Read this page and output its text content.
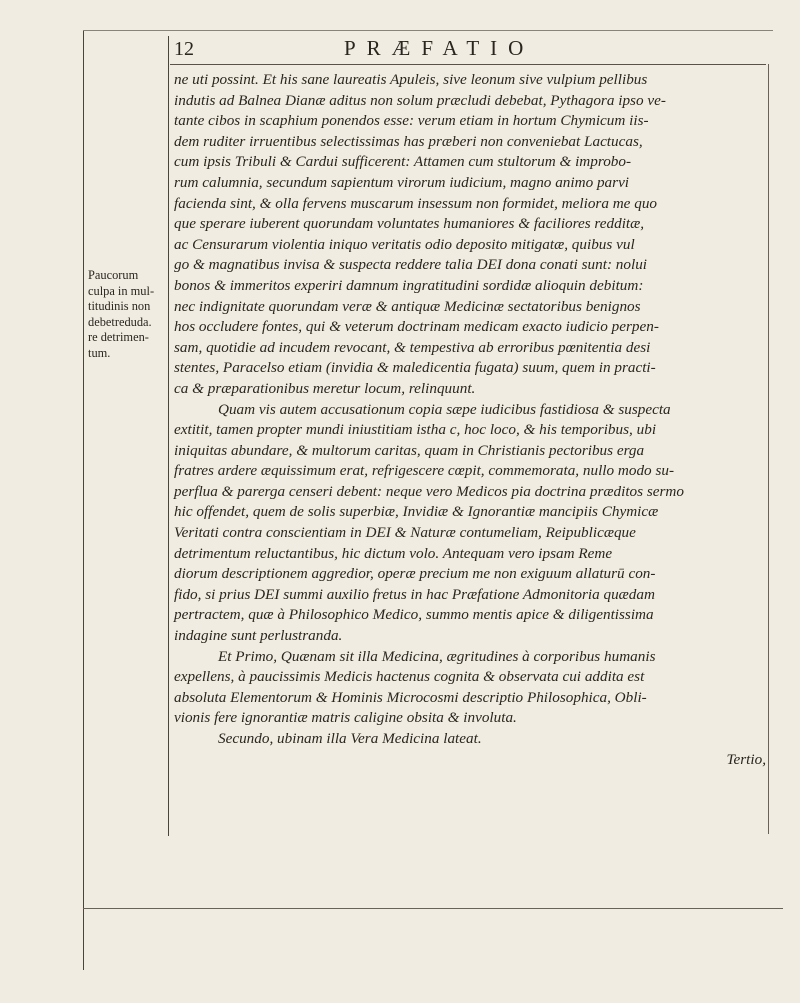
12	PRÆFATIO
Paucorum
culpa in mul-
titudinis non
debetreduda.
re detrimen-
tum.
ne uti possint. Et his sane laureatis Apuleis, sive leonum sive vulpium pellibus
indutis ad Balnea Dianæ aditus non solum præcludi debebat, Pythagora ipso ve-
tante cibos in scaphium ponendos esse: verum etiam in hortum Chymicum iis-
dem ruditer irruentibus selectissimas has præberi non conveniebat Lactucas,
cum ipsis Tribuli & Cardui sufficerent: Attamen cum stultorum & improbo-
rum calumnia, secundum sapientum virorum iudicium, magno animo parvi
facienda sint, & olla fervens muscarum insessum non formidet, meliora me quo
que sperare iuberent quorundam voluntates humaniores & faciliores redditæ,
ac Censurarum violentia iniquo veritatis odio deposito mitigatæ, quibus vul
go & magnatibus invisa & suspecta reddere talia DEI dona conati sunt: nolui
bonos & immeritos experiri damnum ingratitudini sordidæ alioquin debitum:
nec indignitate quorundam veræ & antiquæ Medicinæ sectatoribus benignos
hos occludere fontes, qui & veterum doctrinam medicam exacto iudicio perpen-
sam, quotidie ad incudem revocant, & tempestiva ab erroribus pœnitentia desi
stentes, Paracelso etiam (invidia & maledicentia fugata) suum, quem in practi-
ca & præparationibus meretur locum, relinquunt.
Quam vis autem accusationum copia sæpe iudicibus fastidiosa & suspecta
extitit, tamen propter mundi iniustitiam istha c, hoc loco, & his temporibus, ubi
iniquitas abundare, & multorum caritas, quam in Christianis pectoribus erga
fratres ardere æquissimum erat, refrigescere cœpit, commemorata, nullo modo su-
perflua & parerga censeri debent: neque vero Medicos pia doctrina præditos sermo
hic offendet, quem de solis superbiæ, Invidiæ & Ignorantiæ mancipiis Chymicæ
Veritati contra conscientiam in DEI & Naturæ contumeliam, Reipublicæque
detrimentum reluctantibus, hic dictum volo. Antequam vero ipsam Reme
diorum descriptionem aggredior, operæ precium me non exiguum allaturū con-
fido, si prius DEI summi auxilio fretus in hac Præfatione Admonitoria quædam
pertractem, quæ à Philosophico Medico, summo mentis apice & diligentissima
indagine sunt perlustranda.
Et Primo, Quænam sit illa Medicina, ægritudines à corporibus humanis
expellens, à paucissimis Medicis hactenus cognita & observata cui addita est
absoluta Elementorum & Hominis Microcosmi descriptio Philosophica, Obli-
vionis fere ignorantiæ matris caligine obsita & involuta.
Secundo, ubinam illa Vera Medicina lateat.
Tertio,
